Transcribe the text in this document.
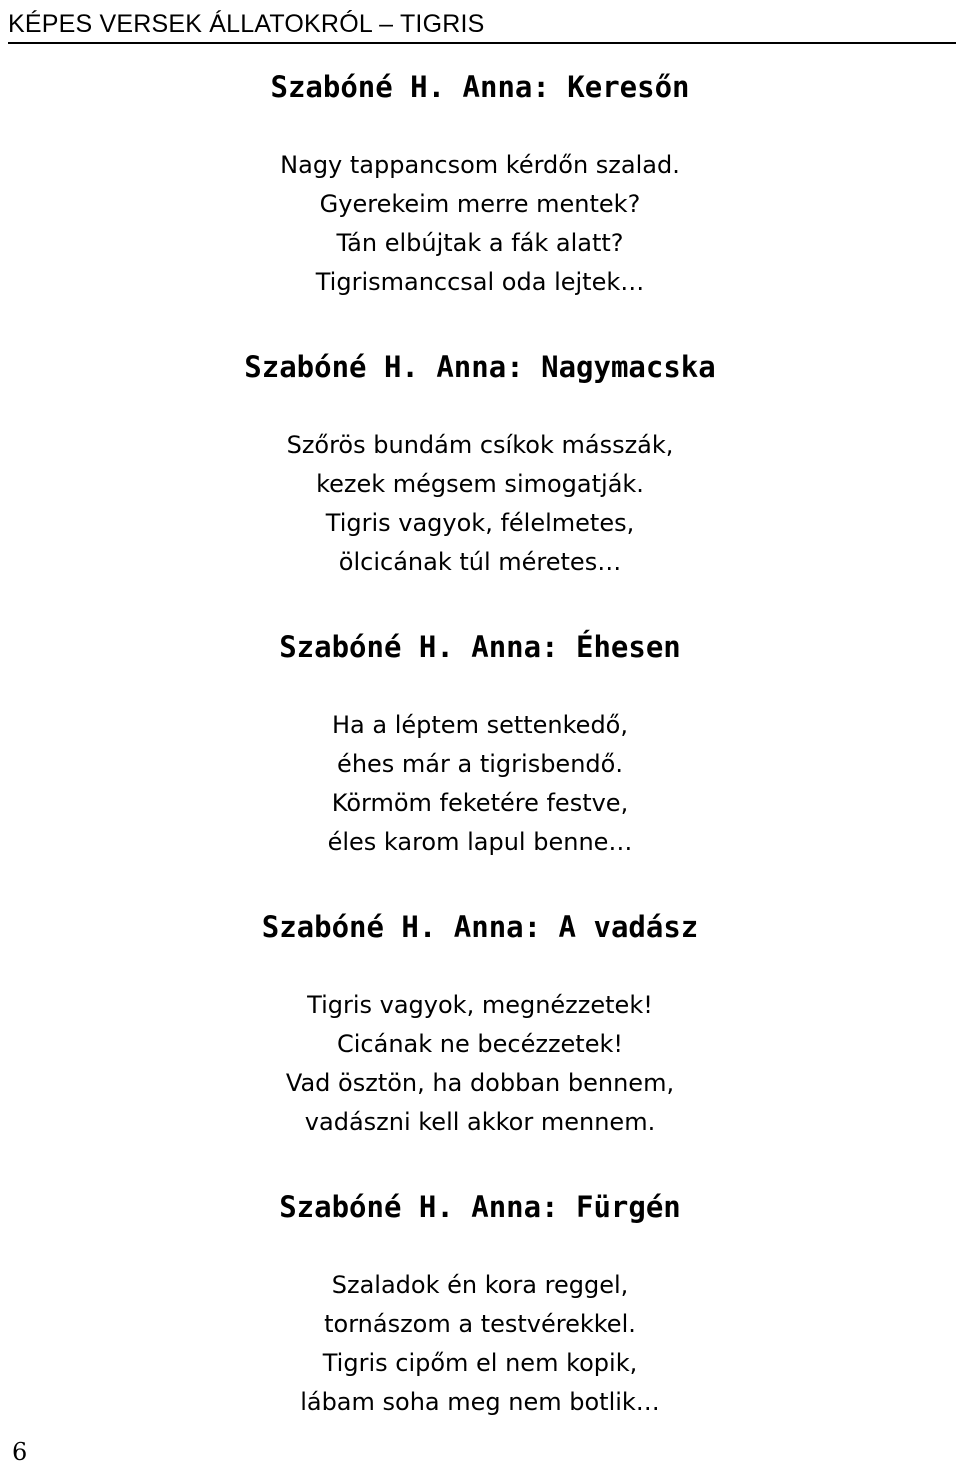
KÉPES VERSEK ÁLLATOKRÓL – TIGRIS
Szabóné H. Anna: Keresőn
Nagy tappancsom kérdőn szalad.
Gyerekeim merre mentek?
Tán elbújtak a fák alatt?
Tigrismanccsal oda lejtek…
Szabóné H. Anna: Nagymacska
Szőrös bundám csíkok másszák,
kezek mégsem simogatják.
Tigris vagyok, félelmetes,
ölcicának túl méretes…
Szabóné H. Anna: Éhesen
Ha a léptem settenkedő,
éhes már a tigrisbendő.
Körmöm feketére festve,
éles karom lapul benne…
Szabóné H. Anna: A vadász
Tigris vagyok, megnézzetek!
Cicának ne becézzetek!
Vad ösztön, ha dobban bennem,
vadászni kell akkor mennem.
Szabóné H. Anna: Fürgén
Szaladok én kora reggel,
tornászom a testvérekkel.
Tigris cipőm el nem kopik,
lábam soha meg nem botlik…
6
